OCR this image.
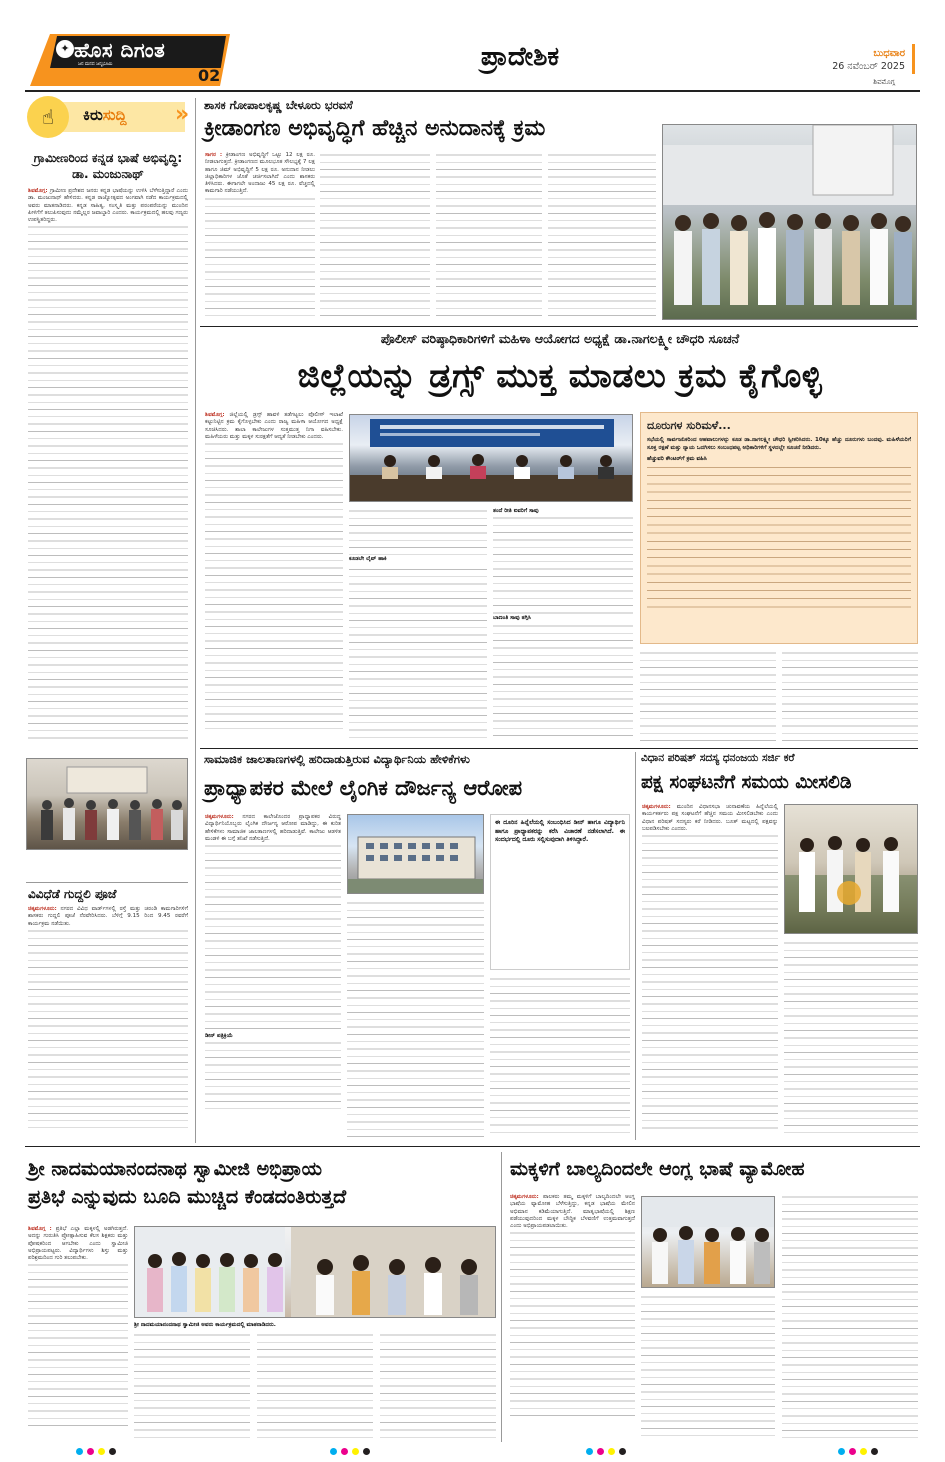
✦ ಹೊಸ ದಿಗಂತ
ಜನ ಮನದ ಜನ್ಮಭೂಮಿ
02
ಪ್ರಾದೇಶಿಕ	ಬುಧವಾರ
26 ನವೆಂಬರ್ 2025
ಶಿವಮೊಗ್ಗ
☝	ಕಿರುಸುದ್ದಿ »
ಗ್ರಾಮೀಣರಿಂದ ಕನ್ನಡ ಭಾಷೆ ಅಭಿವೃದ್ಧಿ: ಡಾ. ಮಂಜುನಾಥ್
ಶಿವಮೊಗ್ಗ: ಗ್ರಾಮೀಣ ಪ್ರದೇಶದ ಜನರು ಕನ್ನಡ ಭಾಷೆಯನ್ನು ಉಳಿಸಿ ಬೆಳೆಸುತ್ತಿದ್ದಾರೆ ಎಂದು ಡಾ. ಮಂಜುನಾಥ್ ಹೇಳಿದರು. ಕನ್ನಡ ರಾಜ್ಯೋತ್ಸವದ ಅಂಗವಾಗಿ ನಡೆದ ಕಾರ್ಯಕ್ರಮದಲ್ಲಿ ಅವರು ಮಾತನಾಡಿದರು. ಕನ್ನಡ ಸಾಹಿತ್ಯ, ಸಂಸ್ಕೃತಿ ಮತ್ತು ಪರಂಪರೆಯನ್ನು ಮುಂದಿನ ಪೀಳಿಗೆಗೆ ತಲುಪಿಸುವುದು ನಮ್ಮೆಲ್ಲರ ಜವಾಬ್ದಾರಿ ಎಂದರು. ಕಾರ್ಯಕ್ರಮದಲ್ಲಿ ಹಲವು ಗಣ್ಯರು ಉಪಸ್ಥಿತರಿದ್ದರು.
ವಿವಿಧೆಡೆ ಗುದ್ದಲಿ ಪೂಜೆ
ಚಿಕ್ಕಮಗಳೂರು: ನಗರದ ವಿವಿಧ ವಾರ್ಡ್‌ಗಳಲ್ಲಿ ರಸ್ತೆ ಮತ್ತು ಚರಂಡಿ ಕಾಮಗಾರಿಗಳಿಗೆ ಶಾಸಕರು ಗುದ್ದಲಿ ಪೂಜೆ ನೆರವೇರಿಸಿದರು. ಬೆಳಿಗ್ಗೆ 9.15 ರಿಂದ 9.45 ರವರೆಗೆ ಕಾರ್ಯಕ್ರಮ ನಡೆಯಿತು.
ಶಾಸಕ ಗೋಪಾಲಕೃಷ್ಣ ಬೇಳೂರು ಭರವಸೆ
ಕ್ರೀಡಾಂಗಣ ಅಭಿವೃದ್ಧಿಗೆ ಹೆಚ್ಚಿನ ಅನುದಾನಕ್ಕೆ ಕ್ರಮ
ಸಾಗರ : ಕ್ರೀಡಾಂಗಣ ಅಭಿವೃದ್ಧಿಗೆ ಒಟ್ಟು 12 ಲಕ್ಷ ರೂ. ನೀಡಲಾಗುತ್ತದೆ. ಕ್ರೀಡಾಂಗಣದ ಮೂಲಭೂತ ಸೌಲಭ್ಯಕ್ಕೆ 7 ಲಕ್ಷ ಹಾಗೂ ಜಿಮ್ ಅಭಿವೃದ್ಧಿಗೆ 5 ಲಕ್ಷ ರೂ. ಅನುದಾನ ನೀಡಲು ಜಿಲ್ಲಾಧಿಕಾರಿಗಳ ಜೊತೆ ಚರ್ಚಿಸಲಾಗಿದೆ ಎಂದು ಶಾಸಕರು ತಿಳಿಸಿದರು. ಈಗಾಗಲೇ ಅಂದಾಜು 45 ಲಕ್ಷ ರೂ. ವೆಚ್ಚದಲ್ಲಿ ಕಾಮಗಾರಿ ನಡೆಯುತ್ತಿದೆ.
ಪೊಲೀಸ್ ವರಿಷ್ಠಾಧಿಕಾರಿಗಳಿಗೆ ಮಹಿಳಾ ಆಯೋಗದ ಅಧ್ಯಕ್ಷೆ ಡಾ.ನಾಗಲಕ್ಷ್ಮೀ ಚೌಧರಿ ಸೂಚನೆ
ಜಿಲ್ಲೆಯನ್ನು ಡ್ರಗ್ಸ್ ಮುಕ್ತ ಮಾಡಲು ಕ್ರಮ ಕೈಗೊಳ್ಳಿ
ಶಿವಮೊಗ್ಗ: ಜಿಲ್ಲೆಯಲ್ಲಿ ಡ್ರಗ್ಸ್ ಹಾವಳಿ ತಡೆಗಟ್ಟಲು ಪೊಲೀಸ್ ಇಲಾಖೆ ಕಟ್ಟುನಿಟ್ಟಿನ ಕ್ರಮ ಕೈಗೊಳ್ಳಬೇಕು ಎಂದು ರಾಜ್ಯ ಮಹಿಳಾ ಆಯೋಗದ ಅಧ್ಯಕ್ಷೆ ಸೂಚಿಸಿದರು. ಶಾಲಾ ಕಾಲೇಜುಗಳ ಸುತ್ತಮುತ್ತ ನಿಗಾ ವಹಿಸಬೇಕು. ಮಹಿಳೆಯರು ಮತ್ತು ಮಕ್ಕಳ ಸುರಕ್ಷತೆಗೆ ಆದ್ಯತೆ ನೀಡಬೇಕು ಎಂದರು.
ತಂದೆ ರೀತಿ ಐವರಿಗೆ ಸಾವು
ಬಾಣಂತಿ ಸಾವು ತಗ್ಗಿಸಿ
ಕೂಡಲೇ ಲೈವ್ ಹಾಕಿ
ದೂರುಗಳ ಸುರಿಮಳೆ...
ಸಭೆಯಲ್ಲಿ ಸಾರ್ವಜನಿಕರಿಂದ ಆಹವಾಲುಗಳನ್ನು ಕೂಡ ಡಾ.ನಾಗಲಕ್ಷ್ಮೀ ಚೌಧರಿ ಸ್ವೀಕರಿಸಿದರು. 10ಕ್ಕೂ ಹೆಚ್ಚು ದೂರುಗಳು ಬಂದವು. ಮಹಿಳೆಯರಿಗೆ ಸೂಕ್ತ ರಕ್ಷಣೆ ಮತ್ತು ನ್ಯಾಯ ಒದಗಿಸಲು ಸಂಬಂಧಪಟ್ಟ ಅಧಿಕಾರಿಗಳಿಗೆ ಸ್ಥಳದಲ್ಲೇ ಸೂಚನೆ ನೀಡಿದರು.
ಹೆಚ್ಚುವರಿ ಕೌಂಟರ್‌ಗೆ ಕ್ರಮ ವಹಿಸಿ
ಸಾಮಾಜಿಕ ಜಾಲತಾಣಗಳಲ್ಲಿ ಹರಿದಾಡುತ್ತಿರುವ ವಿದ್ಯಾರ್ಥಿನಿಯ ಹೇಳಿಕೆಗಳು
ಪ್ರಾಧ್ಯಾಪಕರ ಮೇಲೆ ಲೈಂಗಿಕ ದೌರ್ಜನ್ಯ ಆರೋಪ
ಚಿಕ್ಕಮಗಳೂರು: ನಗರದ ಕಾಲೇಜೊಂದರ ಪ್ರಾಧ್ಯಾಪಕರ ವಿರುದ್ಧ ವಿದ್ಯಾರ್ಥಿನಿಯೊಬ್ಬರು ಲೈಂಗಿಕ ದೌರ್ಜನ್ಯ ಆರೋಪ ಮಾಡಿದ್ದು, ಈ ಕುರಿತ ಹೇಳಿಕೆಗಳು ಸಾಮಾಜಿಕ ಜಾಲತಾಣಗಳಲ್ಲಿ ಹರಿದಾಡುತ್ತಿವೆ. ಕಾಲೇಜು ಆಡಳಿತ ಮಂಡಳಿ ಈ ಬಗ್ಗೆ ತನಿಖೆ ನಡೆಸುತ್ತಿದೆ.
ಡೀನ್ ಪತ್ರಿಕ್ರಿಯೆ
ಈ ದೂರಿನ ಹಿನ್ನೆಲೆಯಲ್ಲಿ ಸಂಬಂಧಿಸಿದ ಡೀನ್ ಹಾಗೂ ವಿದ್ಯಾರ್ಥಿನಿ ಹಾಗೂ ಪ್ರಾಧ್ಯಾಪಕರನ್ನು ಕರೆಸಿ ವಿಚಾರಣೆ ನಡೆಸಲಾಗಿದೆ. ಈ ಸಂದರ್ಭದಲ್ಲಿ ದೂರು ಸಲ್ಲಿಸುವುದಾಗಿ ತಿಳಿಸಿದ್ದಾರೆ.
ವಿಧಾನ ಪರಿಷತ್ ಸದಸ್ಯ ಧನಂಜಯ ಸರ್ಜಿ ಕರೆ
ಪಕ್ಷ ಸಂಘಟನೆಗೆ ಸಮಯ ಮೀಸಲಿಡಿ
ಚಿಕ್ಕಮಗಳೂರು: ಮುಂದಿನ ವಿಧಾನಸಭಾ ಚುನಾವಣೆಯ ಹಿನ್ನೆಲೆಯಲ್ಲಿ ಕಾರ್ಯಕರ್ತರು ಪಕ್ಷ ಸಂಘಟನೆಗೆ ಹೆಚ್ಚಿನ ಸಮಯ ಮೀಸಲಿಡಬೇಕು ಎಂದು ವಿಧಾನ ಪರಿಷತ್ ಸದಸ್ಯರು ಕರೆ ನೀಡಿದರು. ಬೂತ್ ಮಟ್ಟದಲ್ಲಿ ಪಕ್ಷವನ್ನು ಬಲಪಡಿಸಬೇಕು ಎಂದರು.
ಶ್ರೀ ನಾದಮಯಾನಂದನಾಥ ಸ್ವಾಮೀಜಿ ಅಭಿಪ್ರಾಯ
ಪ್ರತಿಭೆ ಎನ್ನುವುದು ಬೂದಿ ಮುಚ್ಚಿದ ಕೆಂಡದಂತಿರುತ್ತದೆ
ಶಿವಮೊಗ್ಗ : ಪ್ರತಿಭೆ ಎಲ್ಲಾ ಮಕ್ಕಳಲ್ಲಿ ಅಡಗಿರುತ್ತದೆ. ಅದನ್ನು ಗುರುತಿಸಿ ಪ್ರೋತ್ಸಾಹಿಸುವ ಕೆಲಸ ಶಿಕ್ಷಕರು ಮತ್ತು ಪೋಷಕರಿಂದ ಆಗಬೇಕು ಎಂದು ಸ್ವಾಮೀಜಿ ಅಭಿಪ್ರಾಯಪಟ್ಟರು. ವಿದ್ಯಾರ್ಥಿಗಳು ಶಿಸ್ತು ಮತ್ತು ಪರಿಶ್ರಮದಿಂದ ಗುರಿ ತಲುಪಬೇಕು.
ಶ್ರೀ ನಾದಮಯಾನಂದನಾಥ ಸ್ವಾಮೀಜಿ ಅವರು ಕಾರ್ಯಕ್ರಮದಲ್ಲಿ ಮಾತನಾಡಿದರು.
ಮಕ್ಕಳಿಗೆ ಬಾಲ್ಯದಿಂದಲೇ ಆಂಗ್ಲ ಭಾಷೆ ವ್ಯಾಮೋಹ
ಚಿಕ್ಕಮಗಳೂರು: ಪಾಲಕರು ತಮ್ಮ ಮಕ್ಕಳಿಗೆ ಬಾಲ್ಯದಿಂದಲೇ ಆಂಗ್ಲ ಭಾಷೆಯ ವ್ಯಾಮೋಹ ಬೆಳೆಸುತ್ತಿದ್ದು, ಕನ್ನಡ ಭಾಷೆಯ ಮೇಲಿನ ಅಭಿಮಾನ ಕಡಿಮೆಯಾಗುತ್ತಿದೆ. ಮಾತೃಭಾಷೆಯಲ್ಲಿ ಶಿಕ್ಷಣ ಪಡೆಯುವುದರಿಂದ ಮಕ್ಕಳ ಬೌದ್ಧಿಕ ಬೆಳವಣಿಗೆ ಉತ್ತಮವಾಗುತ್ತದೆ ಎಂದು ಅಭಿಪ್ರಾಯಪಡಲಾಯಿತು.
